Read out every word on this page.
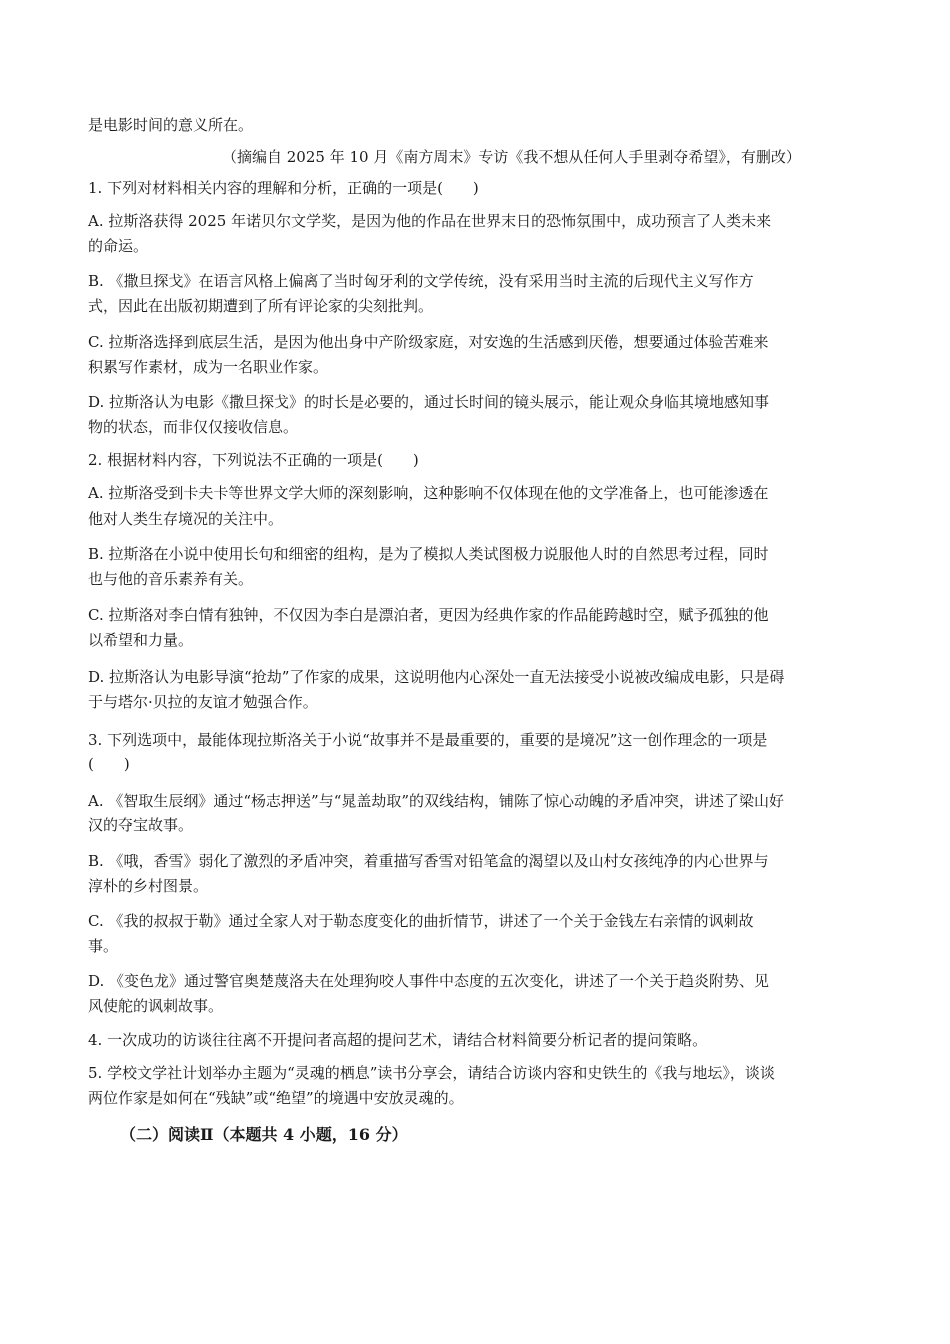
是电影时间的意义所在。
（摘编自 2025 年 10 月《南方周末》专访《我不想从任何人手里剥夺希望》，有删改）
1. 下列对材料相关内容的理解和分析，正确的一项是(　　)
A. 拉斯洛获得 2025 年诺贝尔文学奖，是因为他的作品在世界末日的恐怖氛围中，成功预言了人类未来
的命运。
B. 《撒旦探戈》在语言风格上偏离了当时匈牙利的文学传统，没有采用当时主流的后现代主义写作方
式，因此在出版初期遭到了所有评论家的尖刻批判。
C. 拉斯洛选择到底层生活，是因为他出身中产阶级家庭，对安逸的生活感到厌倦，想要通过体验苦难来
积累写作素材，成为一名职业作家。
D. 拉斯洛认为电影《撒旦探戈》的时长是必要的，通过长时间的镜头展示，能让观众身临其境地感知事
物的状态，而非仅仅接收信息。
2. 根据材料内容，下列说法不正确的一项是(　　)
A. 拉斯洛受到卡夫卡等世界文学大师的深刻影响，这种影响不仅体现在他的文学准备上，也可能渗透在
他对人类生存境况的关注中。
B. 拉斯洛在小说中使用长句和细密的组构，是为了模拟人类试图极力说服他人时的自然思考过程，同时
也与他的音乐素养有关。
C. 拉斯洛对李白情有独钟，不仅因为李白是漂泊者，更因为经典作家的作品能跨越时空，赋予孤独的他
以希望和力量。
D. 拉斯洛认为电影导演“抢劫”了作家的成果，这说明他内心深处一直无法接受小说被改编成电影，只是碍
于与塔尔·贝拉的友谊才勉强合作。
3. 下列选项中，最能体现拉斯洛关于小说“故事并不是最重要的，重要的是境况”这一创作理念的一项是
(　　)
A. 《智取生辰纲》通过“杨志押送”与“晁盖劫取”的双线结构，铺陈了惊心动魄的矛盾冲突，讲述了梁山好
汉的夺宝故事。
B. 《哦，香雪》弱化了激烈的矛盾冲突，着重描写香雪对铅笔盒的渴望以及山村女孩纯净的内心世界与
淳朴的乡村图景。
C. 《我的叔叔于勒》通过全家人对于勒态度变化的曲折情节，讲述了一个关于金钱左右亲情的讽刺故
事。
D. 《变色龙》通过警官奥楚蔑洛夫在处理狗咬人事件中态度的五次变化，讲述了一个关于趋炎附势、见
风使舵的讽刺故事。
4. 一次成功的访谈往往离不开提问者高超的提问艺术，请结合材料简要分析记者的提问策略。
5. 学校文学社计划举办主题为“灵魂的栖息”读书分享会，请结合访谈内容和史铁生的《我与地坛》，谈谈
两位作家是如何在“残缺”或“绝望”的境遇中安放灵魂的。
（二）阅读Ⅱ（本题共 4 小题，16 分）
